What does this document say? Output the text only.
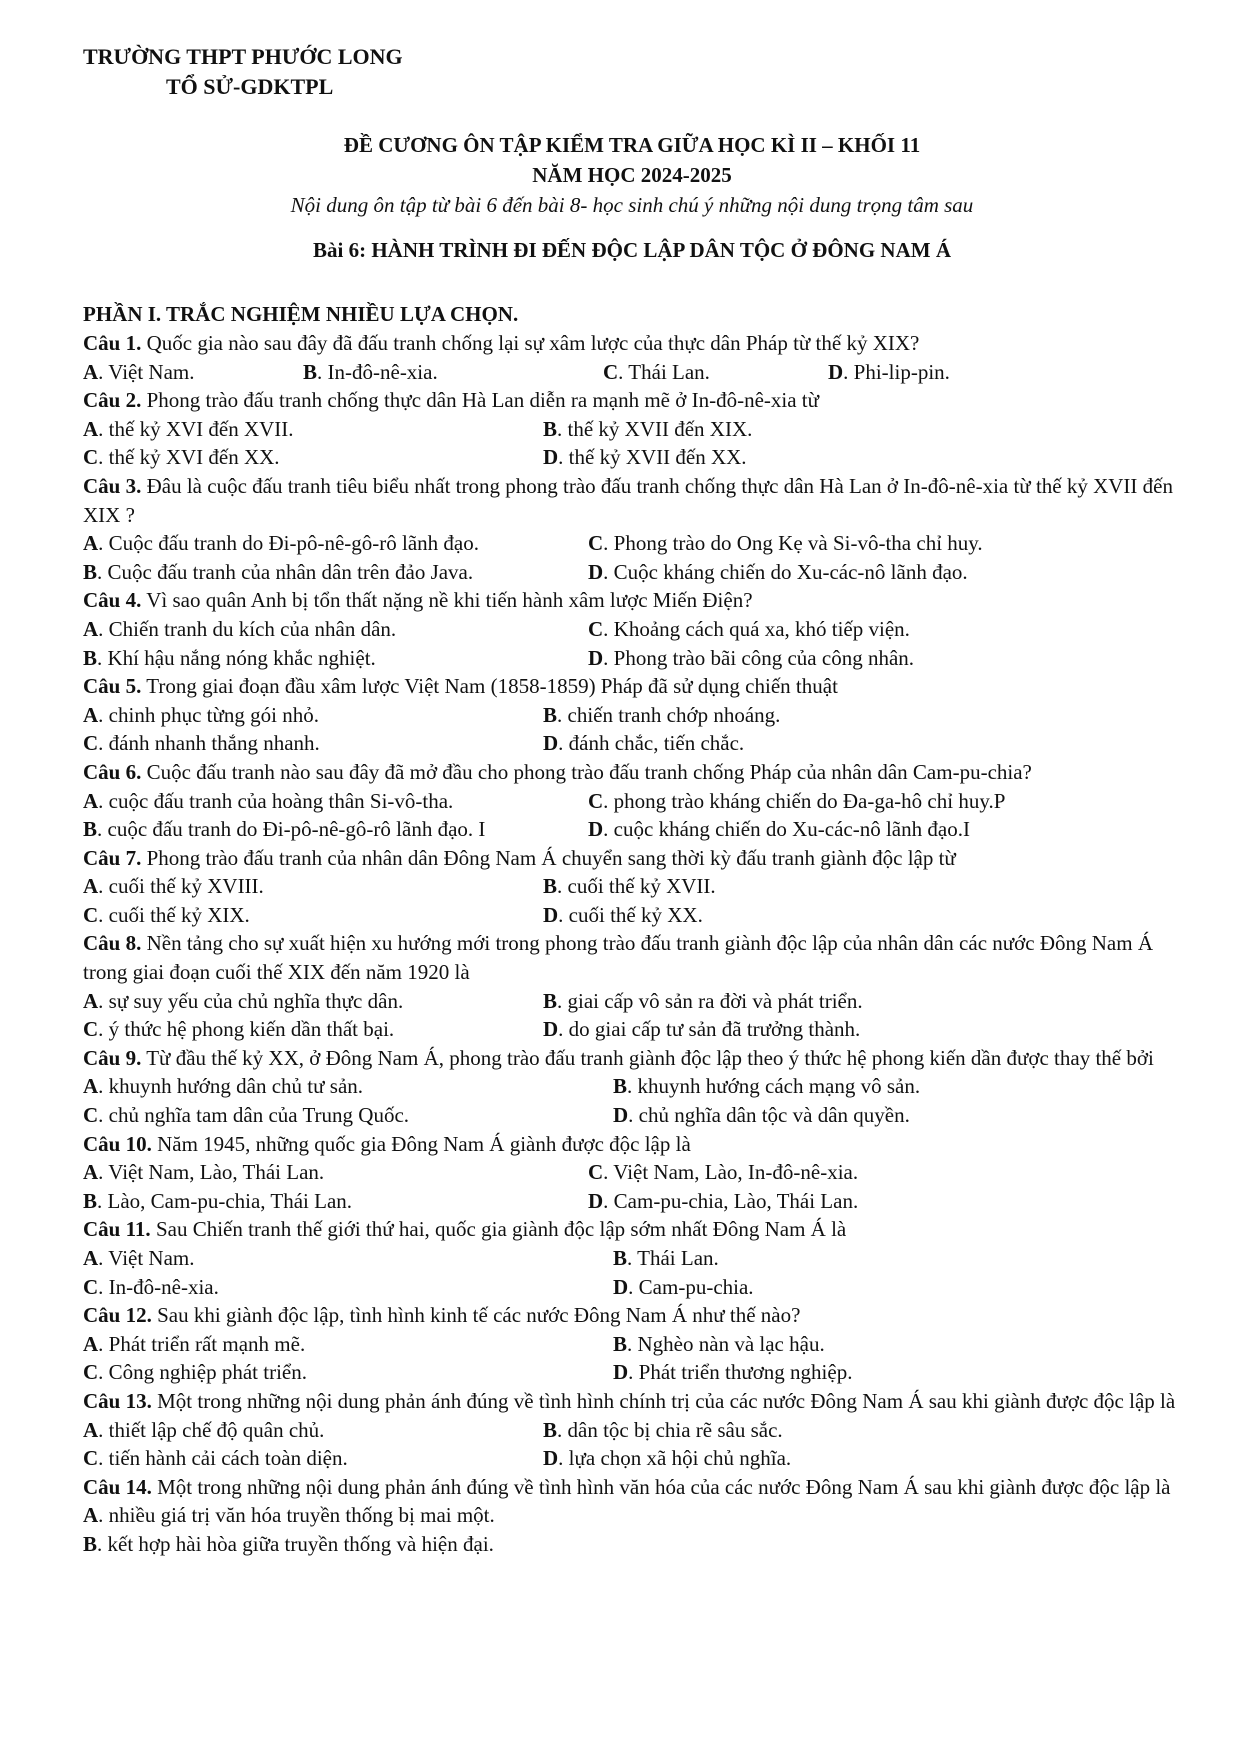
TRƯỜNG THPT PHƯỚC LONG
TỔ SỬ-GDKTPL
ĐỀ CƯƠNG ÔN TẬP KIỂM TRA GIỮA HỌC KÌ II – KHỐI 11
NĂM HỌC 2024-2025
Nội dung ôn tập từ bài 6 đến bài 8- học sinh chú ý những nội dung trọng tâm sau
Bài 6: HÀNH TRÌNH ĐI ĐẾN ĐỘC LẬP DÂN TỘC Ở ĐÔNG NAM Á
PHẦN I. TRẮC NGHIỆM NHIỀU LỰA CHỌN.
Câu 1. Quốc gia nào sau đây đã đấu tranh chống lại sự xâm lược của thực dân Pháp từ thế kỷ XIX?
A. Việt Nam.	B. In-đô-nê-xia.	C. Thái Lan.	D. Phi-lip-pin.
Câu 2. Phong trào đấu tranh chống thực dân Hà Lan diễn ra mạnh mẽ ở In-đô-nê-xia từ
A. thế kỷ XVI đến XVII.	B. thế kỷ XVII đến XIX.
C. thế kỷ XVI đến XX.	D. thế kỷ XVII đến XX.
Câu 3. Đâu là cuộc đấu tranh tiêu biểu nhất trong phong trào đấu tranh chống thực dân Hà Lan ở In-đô-nê-xia từ thế kỷ XVII đến XIX ?
A. Cuộc đấu tranh do Đi-pô-nê-gô-rô lãnh đạo.	C. Phong trào do Ong Kẹ và Si-vô-tha chỉ huy.
B. Cuộc đấu tranh của nhân dân trên đảo Java.	D. Cuộc kháng chiến do Xu-các-nô lãnh đạo.
Câu 4. Vì sao quân Anh bị tổn thất nặng nề khi tiến hành xâm lược Miến Điện?
A. Chiến tranh du kích của nhân dân.	C. Khoảng cách quá xa, khó tiếp viện.
B. Khí hậu nắng nóng khắc nghiệt.	D. Phong trào bãi công của công nhân.
Câu 5. Trong giai đoạn đầu xâm lược Việt Nam (1858-1859) Pháp đã sử dụng chiến thuật
A. chinh phục từng gói nhỏ.	B. chiến tranh chớp nhoáng.
C. đánh nhanh thắng nhanh.	D. đánh chắc, tiến chắc.
Câu 6. Cuộc đấu tranh nào sau đây đã mở đầu cho phong trào đấu tranh chống Pháp của nhân dân Cam-pu-chia?
A. cuộc đấu tranh của hoàng thân Si-vô-tha.	C. phong trào kháng chiến do Đa-ga-hô chỉ huy.P
B. cuộc đấu tranh do Đi-pô-nê-gô-rô lãnh đạo. I	D. cuộc kháng chiến do Xu-các-nô lãnh đạo.I
Câu 7. Phong trào đấu tranh của nhân dân Đông Nam Á chuyển sang thời kỳ đấu tranh giành độc lập từ
A. cuối thế kỷ XVIII.	B. cuối thế kỷ XVII.
C. cuối thế kỷ XIX.	D. cuối thế kỷ XX.
Câu 8. Nền tảng cho sự xuất hiện xu hướng mới trong phong trào đấu tranh giành độc lập của nhân dân các nước Đông Nam Á trong giai đoạn cuối thế XIX đến năm 1920 là
A. sự suy yếu của chủ nghĩa thực dân.	B. giai cấp vô sản ra đời và phát triển.
C. ý thức hệ phong kiến dần thất bại.	D. do giai cấp tư sản đã trưởng thành.
Câu 9. Từ đầu thế kỷ XX, ở Đông Nam Á, phong trào đấu tranh giành độc lập theo ý thức hệ phong kiến dần được thay thế bởi
A. khuynh hướng dân chủ tư sản.	B. khuynh hướng cách mạng vô sản.
C. chủ nghĩa tam dân của Trung Quốc.	D. chủ nghĩa dân tộc và dân quyền.
Câu 10. Năm 1945, những quốc gia Đông Nam Á giành được độc lập là
A. Việt Nam, Lào, Thái Lan.	C. Việt Nam, Lào, In-đô-nê-xia.
B. Lào, Cam-pu-chia, Thái Lan.	D. Cam-pu-chia, Lào, Thái Lan.
Câu 11. Sau Chiến tranh thế giới thứ hai, quốc gia giành độc lập sớm nhất Đông Nam Á là
A. Việt Nam.	B. Thái Lan.
C. In-đô-nê-xia.	D. Cam-pu-chia.
Câu 12. Sau khi giành độc lập, tình hình kinh tế các nước Đông Nam Á như thế nào?
A. Phát triển rất mạnh mẽ.	B. Nghèo nàn và lạc hậu.
C. Công nghiệp phát triển.	D. Phát triển thương nghiệp.
Câu 13. Một trong những nội dung phản ánh đúng về tình hình chính trị của các nước Đông Nam Á sau khi giành được độc lập là
A. thiết lập chế độ quân chủ.	B. dân tộc bị chia rẽ sâu sắc.
C. tiến hành cải cách toàn diện.	D. lựa chọn xã hội chủ nghĩa.
Câu 14. Một trong những nội dung phản ánh đúng về tình hình văn hóa của các nước Đông Nam Á sau khi giành được độc lập là
A. nhiều giá trị văn hóa truyền thống bị mai một.
B. kết hợp hài hòa giữa truyền thống và hiện đại.
